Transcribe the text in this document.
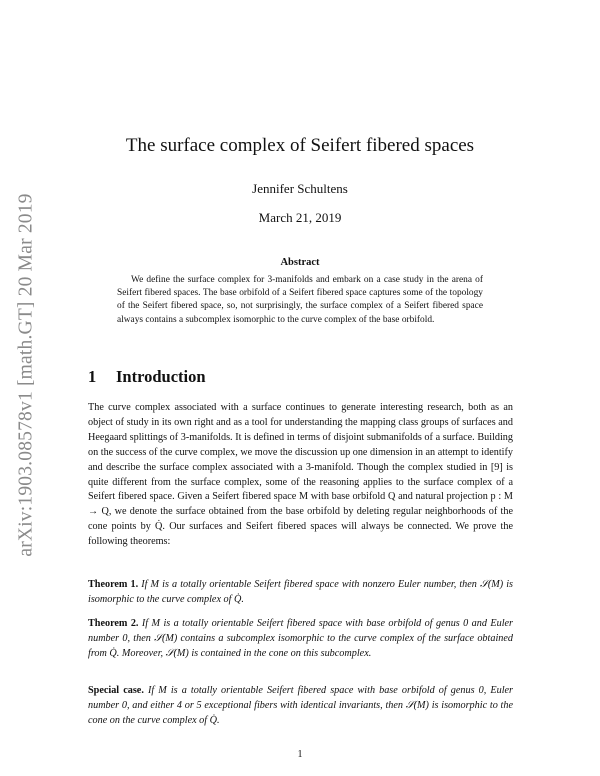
arXiv:1903.08578v1 [math.GT] 20 Mar 2019
The surface complex of Seifert fibered spaces
Jennifer Schultens
March 21, 2019
Abstract

We define the surface complex for 3-manifolds and embark on a case study in the arena of Seifert fibered spaces. The base orbifold of a Seifert fibered space captures some of the topology of the Seifert fibered space, so, not surprisingly, the surface complex of a Seifert fibered space always contains a subcomplex isomorphic to the curve complex of the base orbifold.

1 Introduction

The curve complex associated with a surface continues to generate interesting research, both as an object of study in its own right and as a tool for understanding the mapping class groups of surfaces and Heegaard splittings of 3-manifolds. It is defined in terms of disjoint submanifolds of a surface. Building on the success of the curve complex, we move the discussion up one dimension in an attempt to identify and describe the surface complex associated with a 3-manifold. Though the complex studied in [9] is quite different from the surface complex, some of the reasoning applies to the surface complex of a Seifert fibered space. Given a Seifert fibered space M with base orbifold Q and natural projection p : M → Q, we denote the surface obtained from the base orbifold by deleting regular neighborhoods of the cone points by Q̇. Our surfaces and Seifert fibered spaces will always be connected. We prove the following theorems:

Theorem 1. If M is a totally orientable Seifert fibered space with nonzero Euler number, then 𝒮(M) is isomorphic to the curve complex of Q̇.

Theorem 2. If M is a totally orientable Seifert fibered space with base orbifold of genus 0 and Euler number 0, then 𝒮(M) contains a subcomplex isomorphic to the curve complex of the surface obtained from Q̇. Moreover, 𝒮(M) is contained in the cone on this subcomplex.

Special case. If M is a totally orientable Seifert fibered space with base orbifold of genus 0, Euler number 0, and either 4 or 5 exceptional fibers with identical invariants, then 𝒮(M) is isomorphic to the cone on the curve complex of Q̇.

1
